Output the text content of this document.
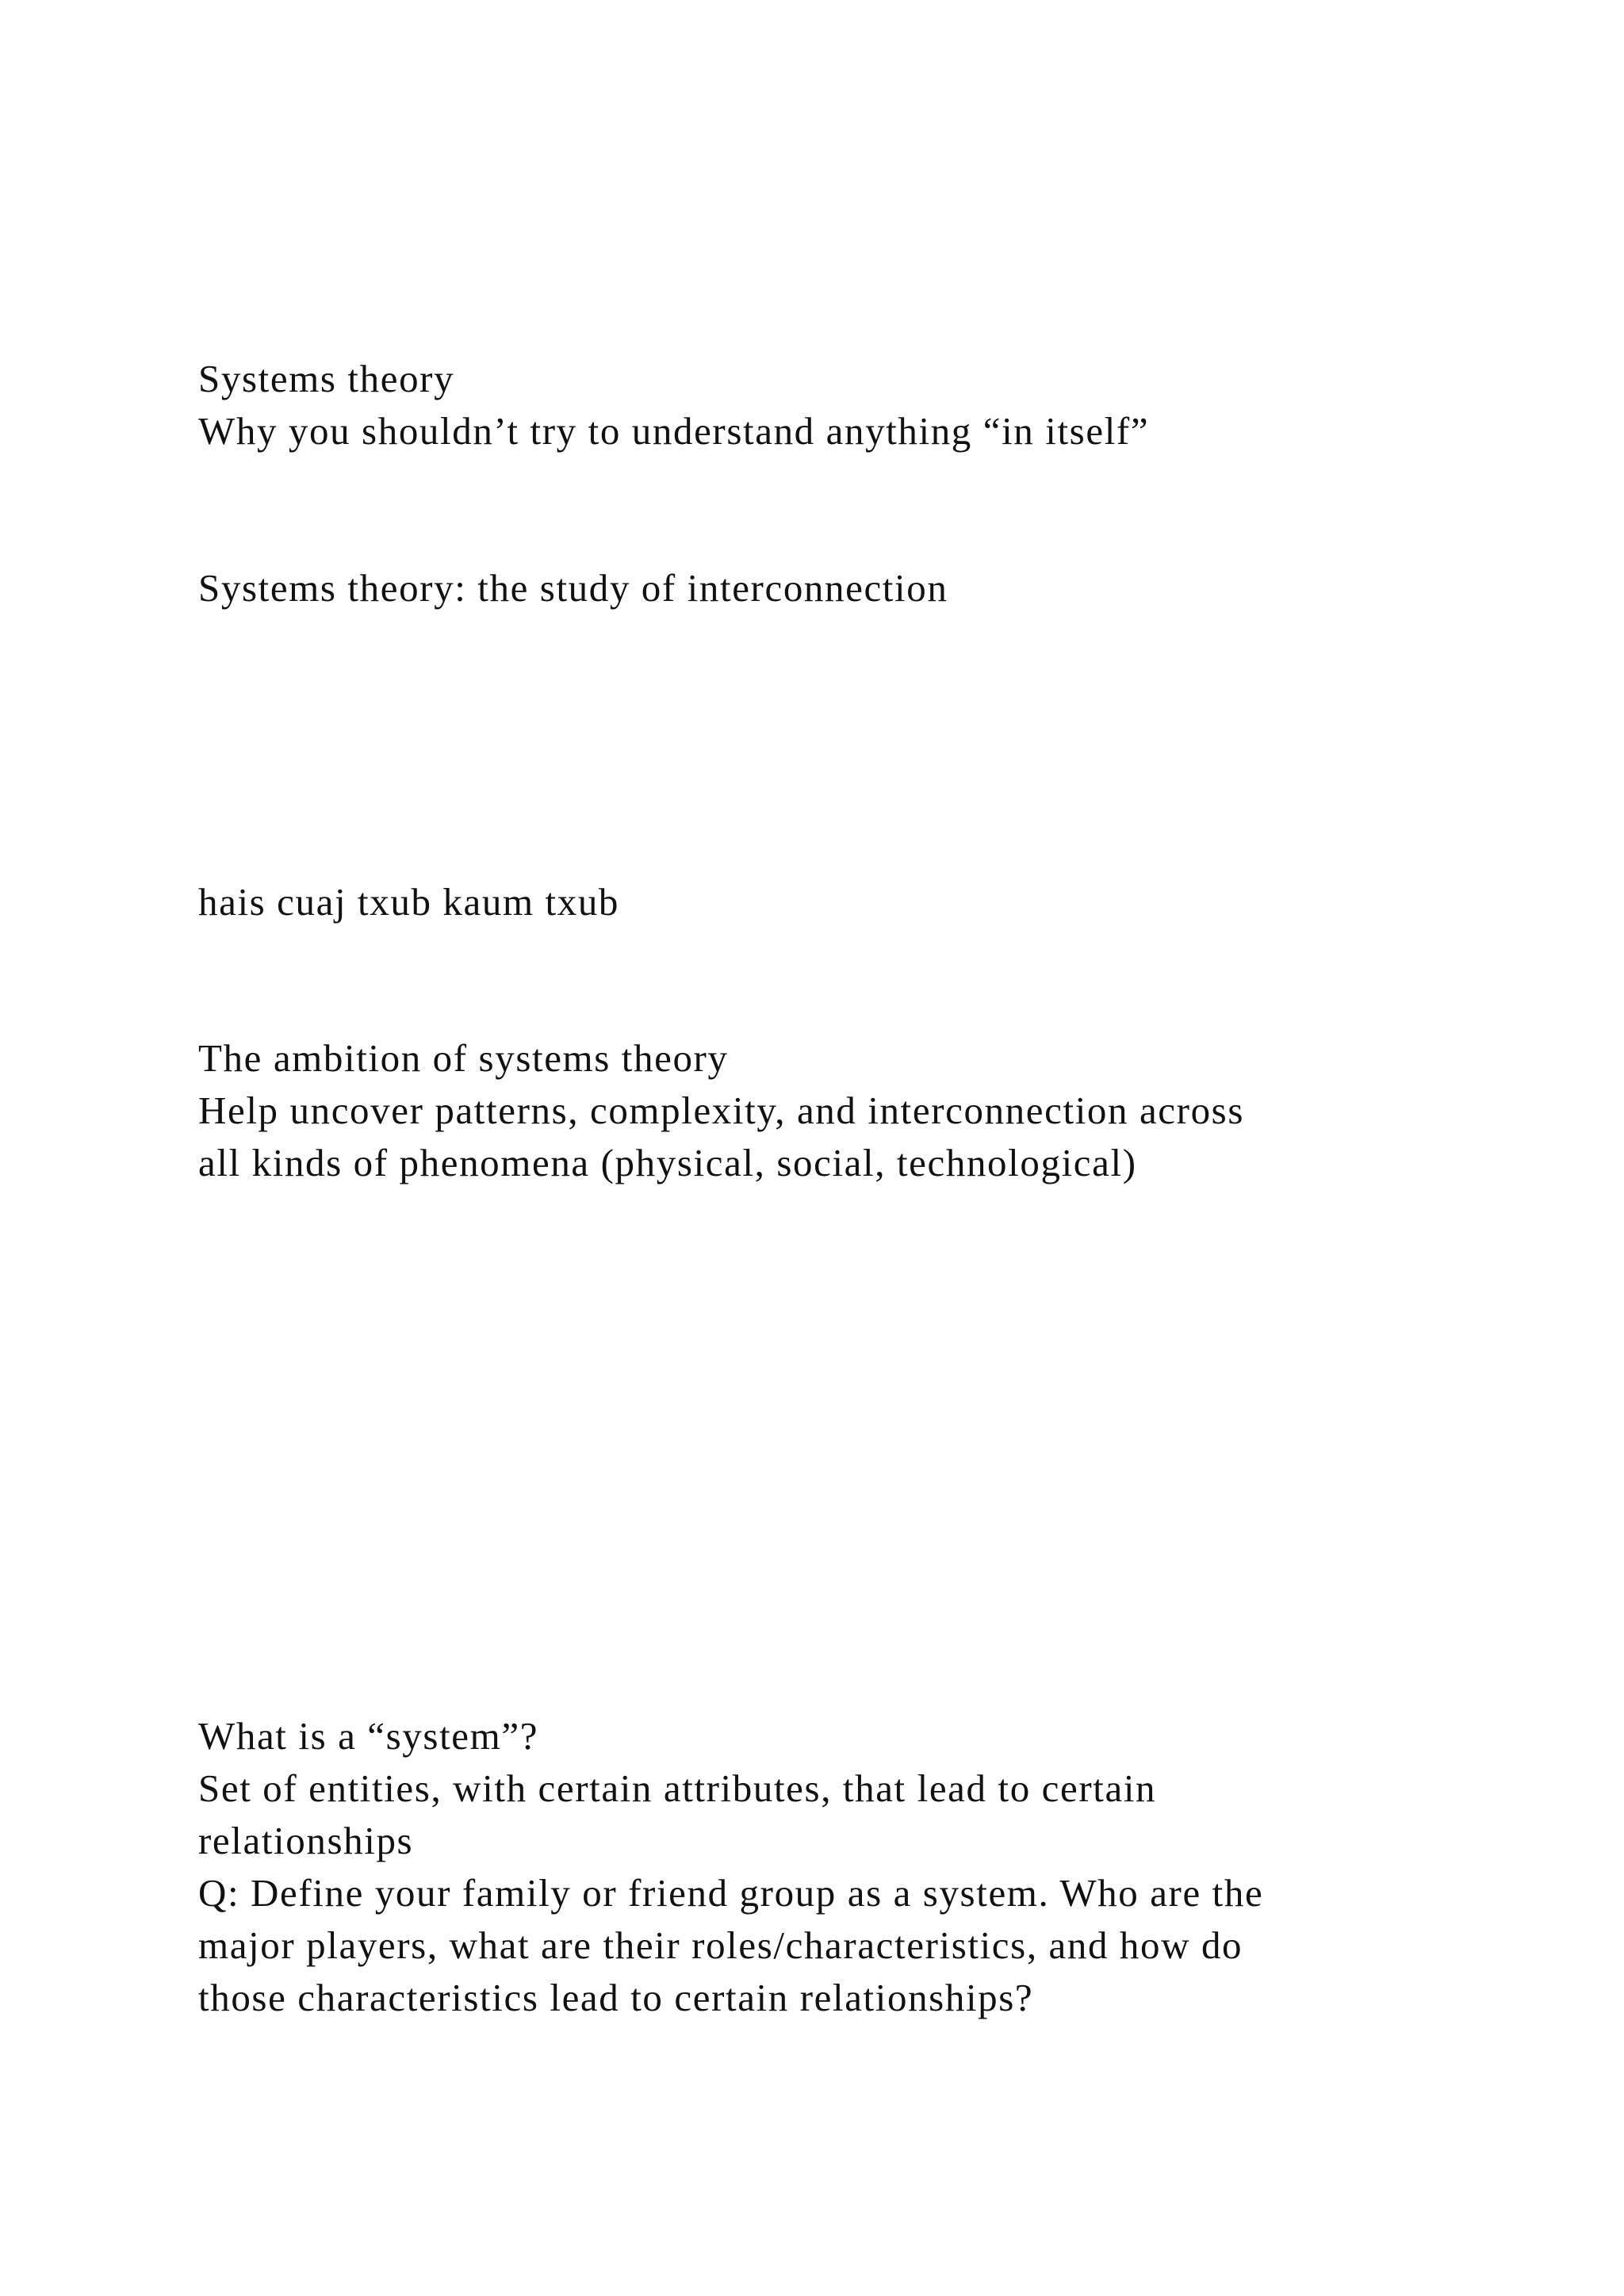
Systems theory

Why you shouldn’t try to understand anything “in itself”

Systems theory: the study of interconnection

hais cuaj txub kaum txub

The ambition of systems theory

Help uncover patterns, complexity, and interconnection across

all kinds of phenomena (physical, social, technological)

What is a “system”?

Set of entities, with certain attributes, that lead to certain

relationships

Q: Define your family or friend group as a system. Who are the

major players, what are their roles/characteristics, and how do

those characteristics lead to certain relationships?
